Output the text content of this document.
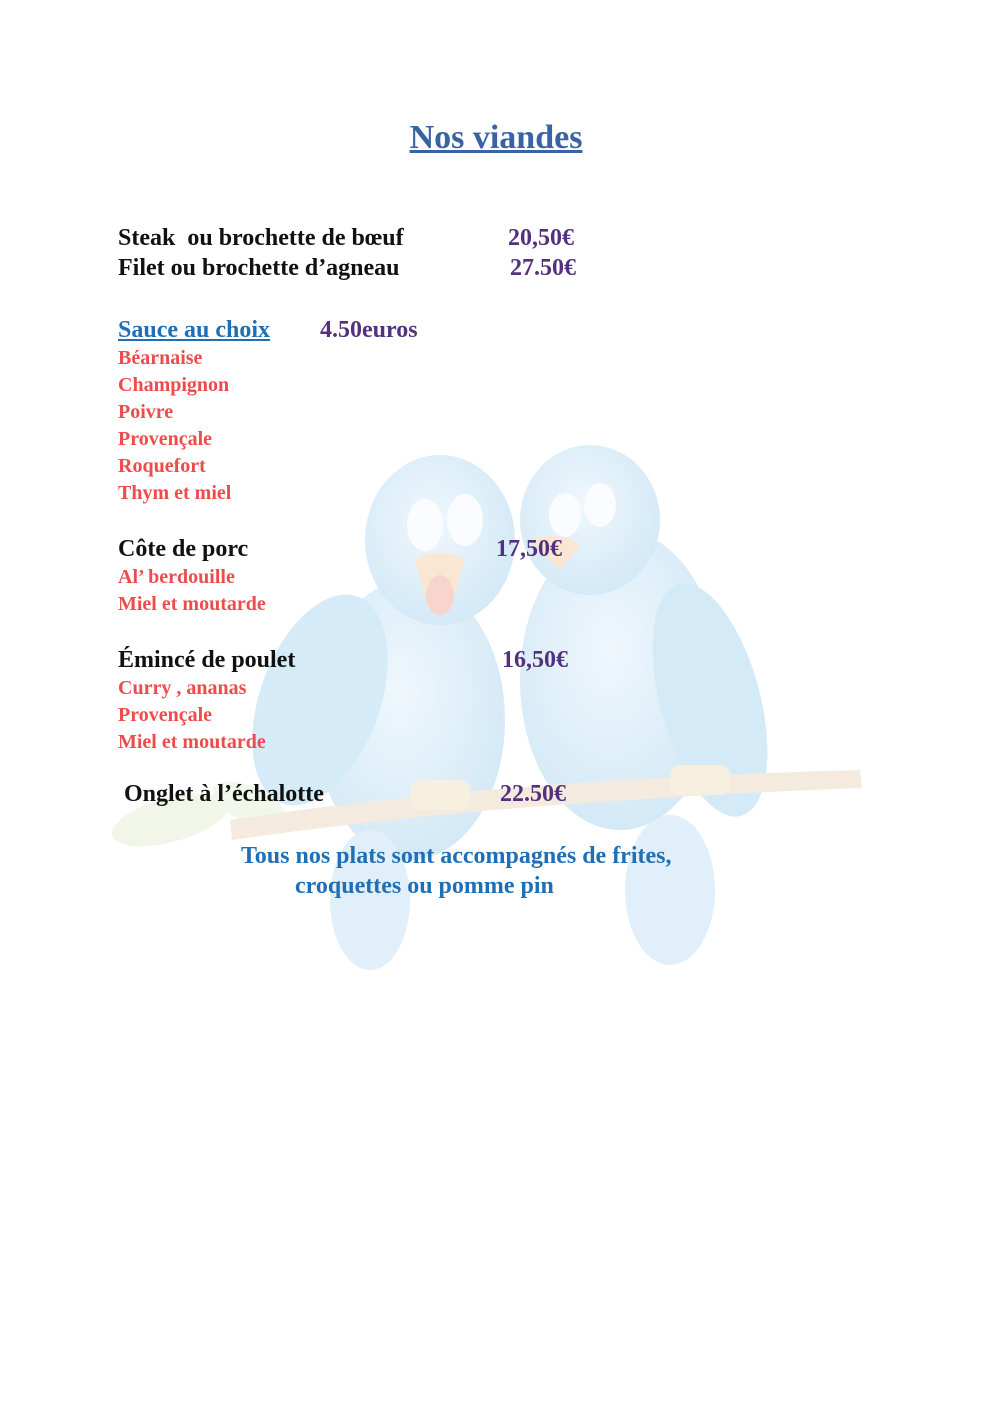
Nos viandes
Steak  ou brochette de bœuf	20,50€
Filet ou brochette d’agneau	27.50€
Sauce au choix 4.50euros
Béarnaise
Champignon
Poivre
Provençale
Roquefort
Thym et miel
Côte de porc	17,50€
Al’ berdouille
Miel et moutarde
Émincé de poulet	16,50€
Curry , ananas
Provençale
Miel et moutarde
Onglet à l’échalotte	22.50€
Tous nos plats sont accompagnés de frites,
croquettes ou pomme pin
